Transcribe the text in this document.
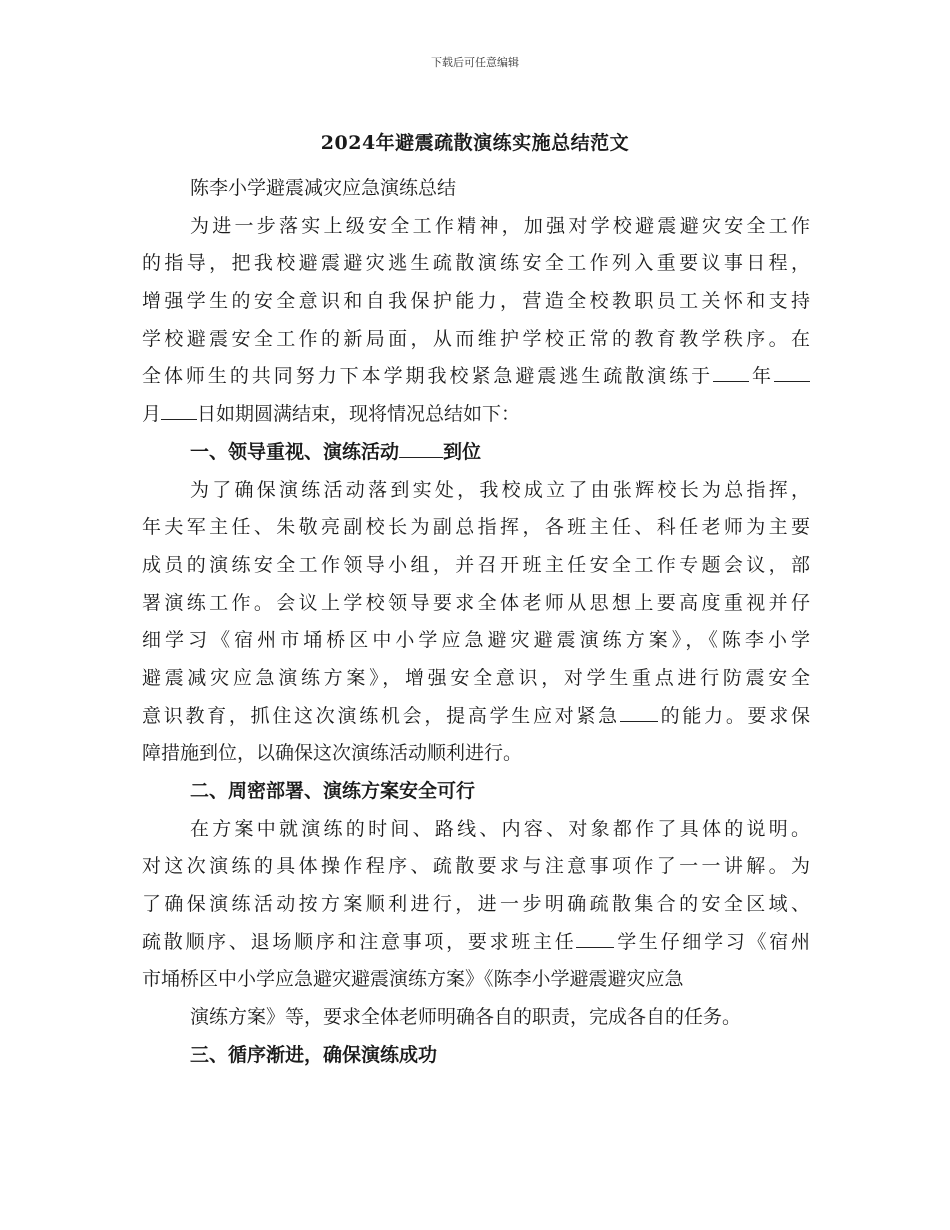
下载后可任意编辑
2024年避震疏散演练实施总结范文
陈李小学避震减灾应急演练总结
为进一步落实上级安全工作精神，加强对学校避震避灾安全工作
的指导，把我校避震避灾逃生疏散演练安全工作列入重要议事日程，
增强学生的安全意识和自我保护能力，营造全校教职员工关怀和支持
学校避震安全工作的新局面，从而维护学校正常的教育教学秩序。在
全体师生的共同努力下本学期我校紧急避震逃生疏散演练于 年
月 日如期圆满结束，现将情况总结如下：
一、领导重视、演练活动 到位
为了确保演练活动落到实处，我校成立了由张辉校长为总指挥，
年夫军主任、朱敬亮副校长为副总指挥，各班主任、科任老师为主要
成员的演练安全工作领导小组，并召开班主任安全工作专题会议，部
署演练工作。会议上学校领导要求全体老师从思想上要高度重视并仔
细学习《宿州市埇桥区中小学应急避灾避震演练方案》，《陈李小学
避震减灾应急演练方案》，增强安全意识，对学生重点进行防震安全
意识教育，抓住这次演练机会，提高学生应对紧急 的能力。要求保
障措施到位，以确保这次演练活动顺利进行。
二、周密部署、演练方案安全可行
在方案中就演练的时间、路线、内容、对象都作了具体的说明。
对这次演练的具体操作程序、疏散要求与注意事项作了一一讲解。为
了确保演练活动按方案顺利进行，进一步明确疏散集合的安全区域、
疏散顺序、退场顺序和注意事项，要求班主任 学生仔细学习《宿州
市埇桥区中小学应急避灾避震演练方案》《陈李小学避震避灾应急
演练方案》等，要求全体老师明确各自的职责，完成各自的任务。
三、循序渐进，确保演练成功
